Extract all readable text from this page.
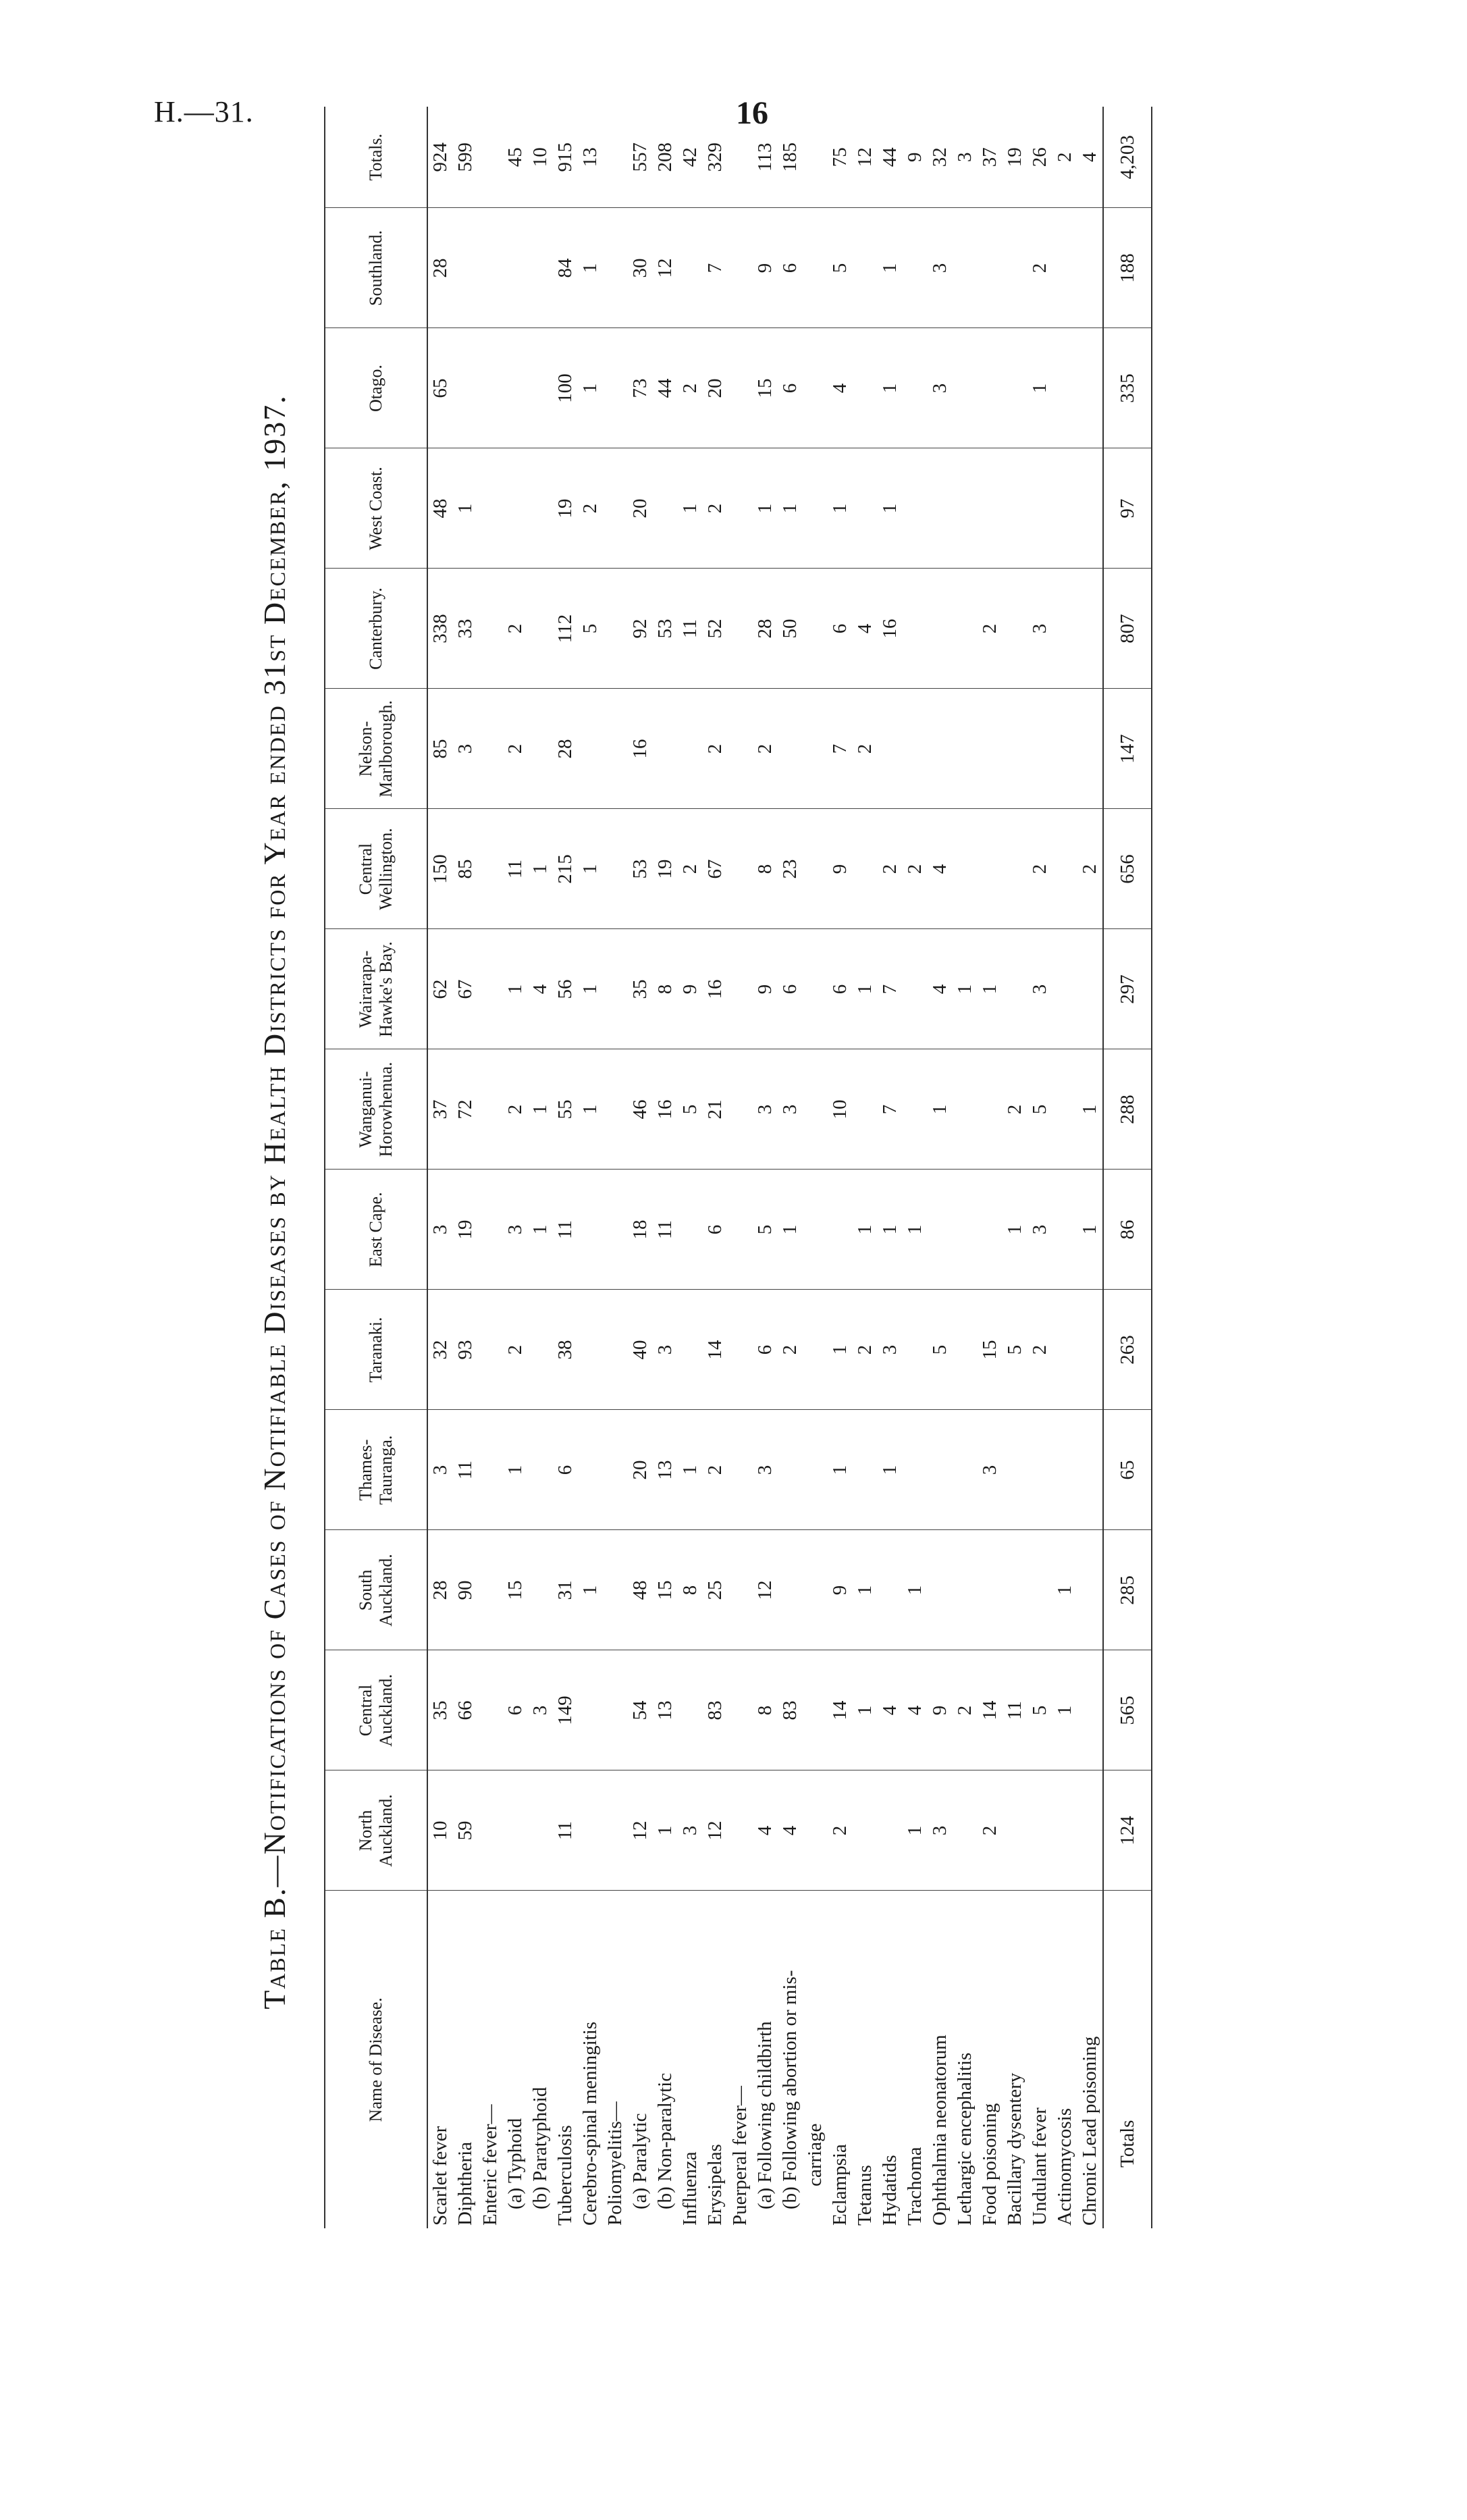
H.—31.	16
Table B.—Notifications of Cases of Notifiable Diseases by Health Districts for Year ended 31st December, 1937.
Name of Disease.	North Auckland.	Central Auckland.	South Auckland.	Thames-Tauranga.	Taranaki.	East Cape.	Wanganui-Horowhenua.	Wairarapa-Hawke's Bay.	Central Wellington.	Nelson-Marlborough.	Canterbury.	West Coast.	Otago.	Southland.	Totals.
Scarlet fever	10	35	28	3	32	3	37	62	150	85	338	48	65	28	924
Diphtheria	59	66	90	11	93	19	72	67	85	3	33	1			599
Enteric fever—															
(a) Typhoid		6	15	1	2	3	2	1	11	2	2				45
(b) Paratyphoid		3				1	1	4	1						10
Tuberculosis	11	149	31	6	38	11	55	56	215	28	112	19	100	84	915
Cerebro-spinal meningitis			1				1	1	1		5	2	1	1	13
Poliomyelitis—															
(a) Paralytic	12	54	48	20	40	18	46	35	53	16	92	20	73	30	557
(b) Non-paralytic	1	13	15	13	3	11	16	8	19		53		44	12	208
Influenza	3		8	1			5	9	2		11	1	2		42
Erysipelas	12	83	25	2	14	6	21	16	67	2	52	2	20	7	329
Puerperal fever—															
(a) Following childbirth	4	8	12	3	6	5	3	9	8	2	28	1	15	9	113
(b) Following abortion or mis-	4	83			2	1	3	6	23		50	1	6	6	185
carriage															
Eclampsia	2	14	9	1	1		10	6	9	7	6	1	4	5	75
Tetanus		1	1		2	1		1		2	4				12
Hydatids		4		1	3	1	7	7	2		16	1	1	1	44
Trachoma	1	4	1			1			2						9
Ophthalmia neonatorum	3	9			5		1	4	4				3	3	32
Lethargic encephalitis		2						1							3
Food poisoning	2	14		3	15			1			2				37
Bacillary dysentery		11			5	1	2								19
Undulant fever		5			2	3	5	3	2		3		1	2	26
Actinomycosis		1	1												2
Chronic Lead poisoning						1	1		2						4
Totals	124	565	285	65	263	86	288	297	656	147	807	97	335	188	4,203
